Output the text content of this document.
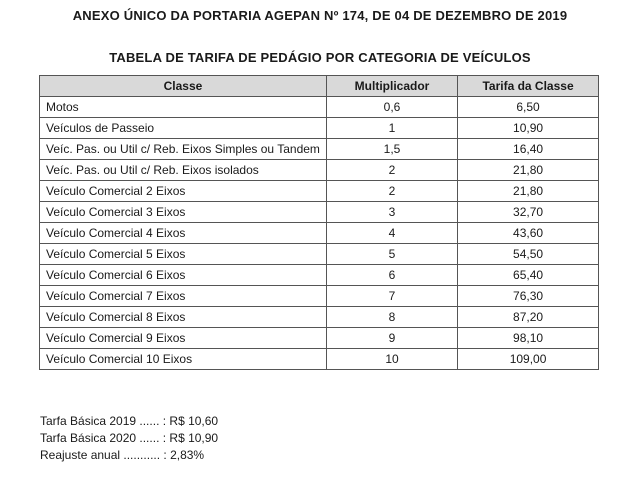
ANEXO ÚNICO DA PORTARIA AGEPAN Nº 174, DE 04 DE DEZEMBRO DE 2019
TABELA DE TARIFA DE PEDÁGIO POR CATEGORIA DE VEÍCULOS
Classe	Multiplicador	Tarifa da Classe
Motos	0,6	6,50
Veículos de Passeio	1	10,90
Veíc. Pas. ou Util c/ Reb. Eixos Simples ou Tandem	1,5	16,40
Veíc. Pas. ou Util c/ Reb. Eixos isolados	2	21,80
Veículo Comercial 2 Eixos	2	21,80
Veículo Comercial 3 Eixos	3	32,70
Veículo Comercial 4 Eixos	4	43,60
Veículo Comercial 5 Eixos	5	54,50
Veículo Comercial 6 Eixos	6	65,40
Veículo Comercial 7 Eixos	7	76,30
Veículo Comercial 8 Eixos	8	87,20
Veículo Comercial 9 Eixos	9	98,10
Veículo Comercial 10 Eixos	10	109,00
Tarfa Básica 2019 ...... : R$ 10,60
Tarfa Básica 2020 ...... : R$ 10,90
Reajuste anual ........... : 2,83%
